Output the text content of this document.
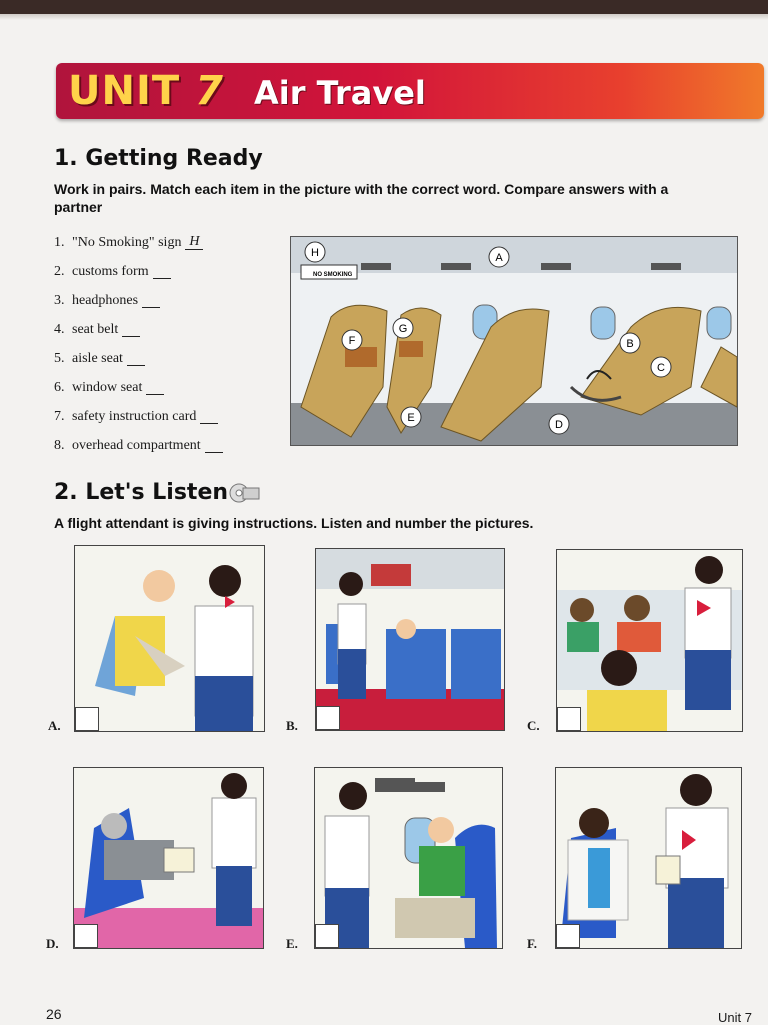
UNIT 7 Air Travel
1. Getting Ready
Work in pairs. Match each item in the picture with the correct word. Compare answers with a partner
1. "No Smoking" sign H
2. customs form
3. headphones
4. seat belt
5. aisle seat
6. window seat
7. safety instruction card
8. overhead compartment
H	A
G
F	B
C
E
D
NO SMOKING
2. Let's Listen
A flight attendant is giving instructions. Listen and number the pictures.
A.	B.	C.
D.	E.	F.
26	Unit 7
